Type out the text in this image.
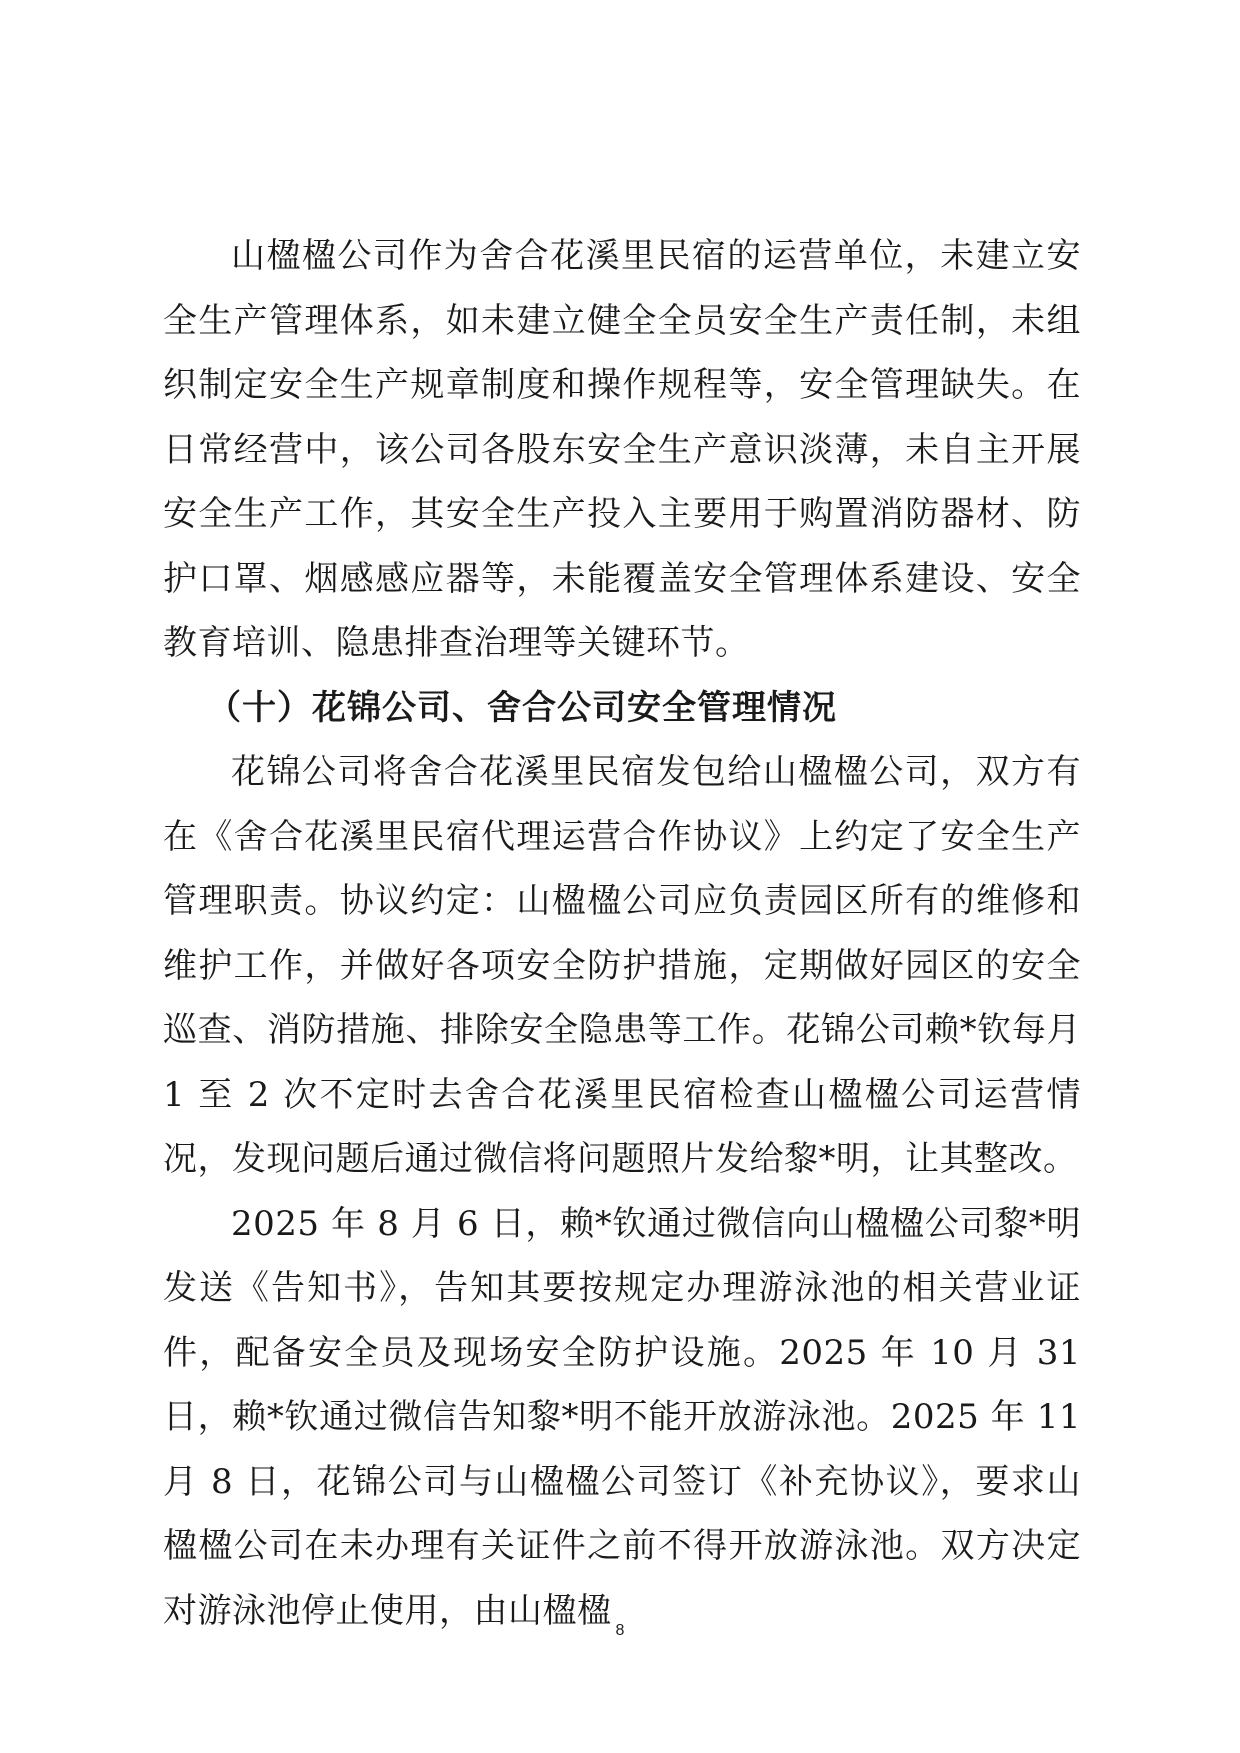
山楹楹公司作为舍合花溪里民宿的运营单位，未建立安全生产管理体系，如未建立健全全员安全生产责任制，未组织制定安全生产规章制度和操作规程等，安全管理缺失。在日常经营中，该公司各股东安全生产意识淡薄，未自主开展安全生产工作，其安全生产投入主要用于购置消防器材、防护口罩、烟感感应器等，未能覆盖安全管理体系建设、安全教育培训、隐患排查治理等关键环节。

（十）花锦公司、舍合公司安全管理情况

花锦公司将舍合花溪里民宿发包给山楹楹公司，双方有在《舍合花溪里民宿代理运营合作协议》上约定了安全生产管理职责。协议约定：山楹楹公司应负责园区所有的维修和维护工作，并做好各项安全防护措施，定期做好园区的安全巡查、消防措施、排除安全隐患等工作。花锦公司赖*钦每月 1 至 2 次不定时去舍合花溪里民宿检查山楹楹公司运营情况，发现问题后通过微信将问题照片发给黎*明，让其整改。

2025 年 8 月 6 日，赖*钦通过微信向山楹楹公司黎*明发送《告知书》，告知其要按规定办理游泳池的相关营业证件，配备安全员及现场安全防护设施。2025 年 10 月 31 日，赖*钦通过微信告知黎*明不能开放游泳池。2025 年 11 月 8 日，花锦公司与山楹楹公司签订《补充协议》，要求山楹楹公司在未办理有关证件之前不得开放游泳池。双方决定对游泳池停止使用，由山楹楹 8
